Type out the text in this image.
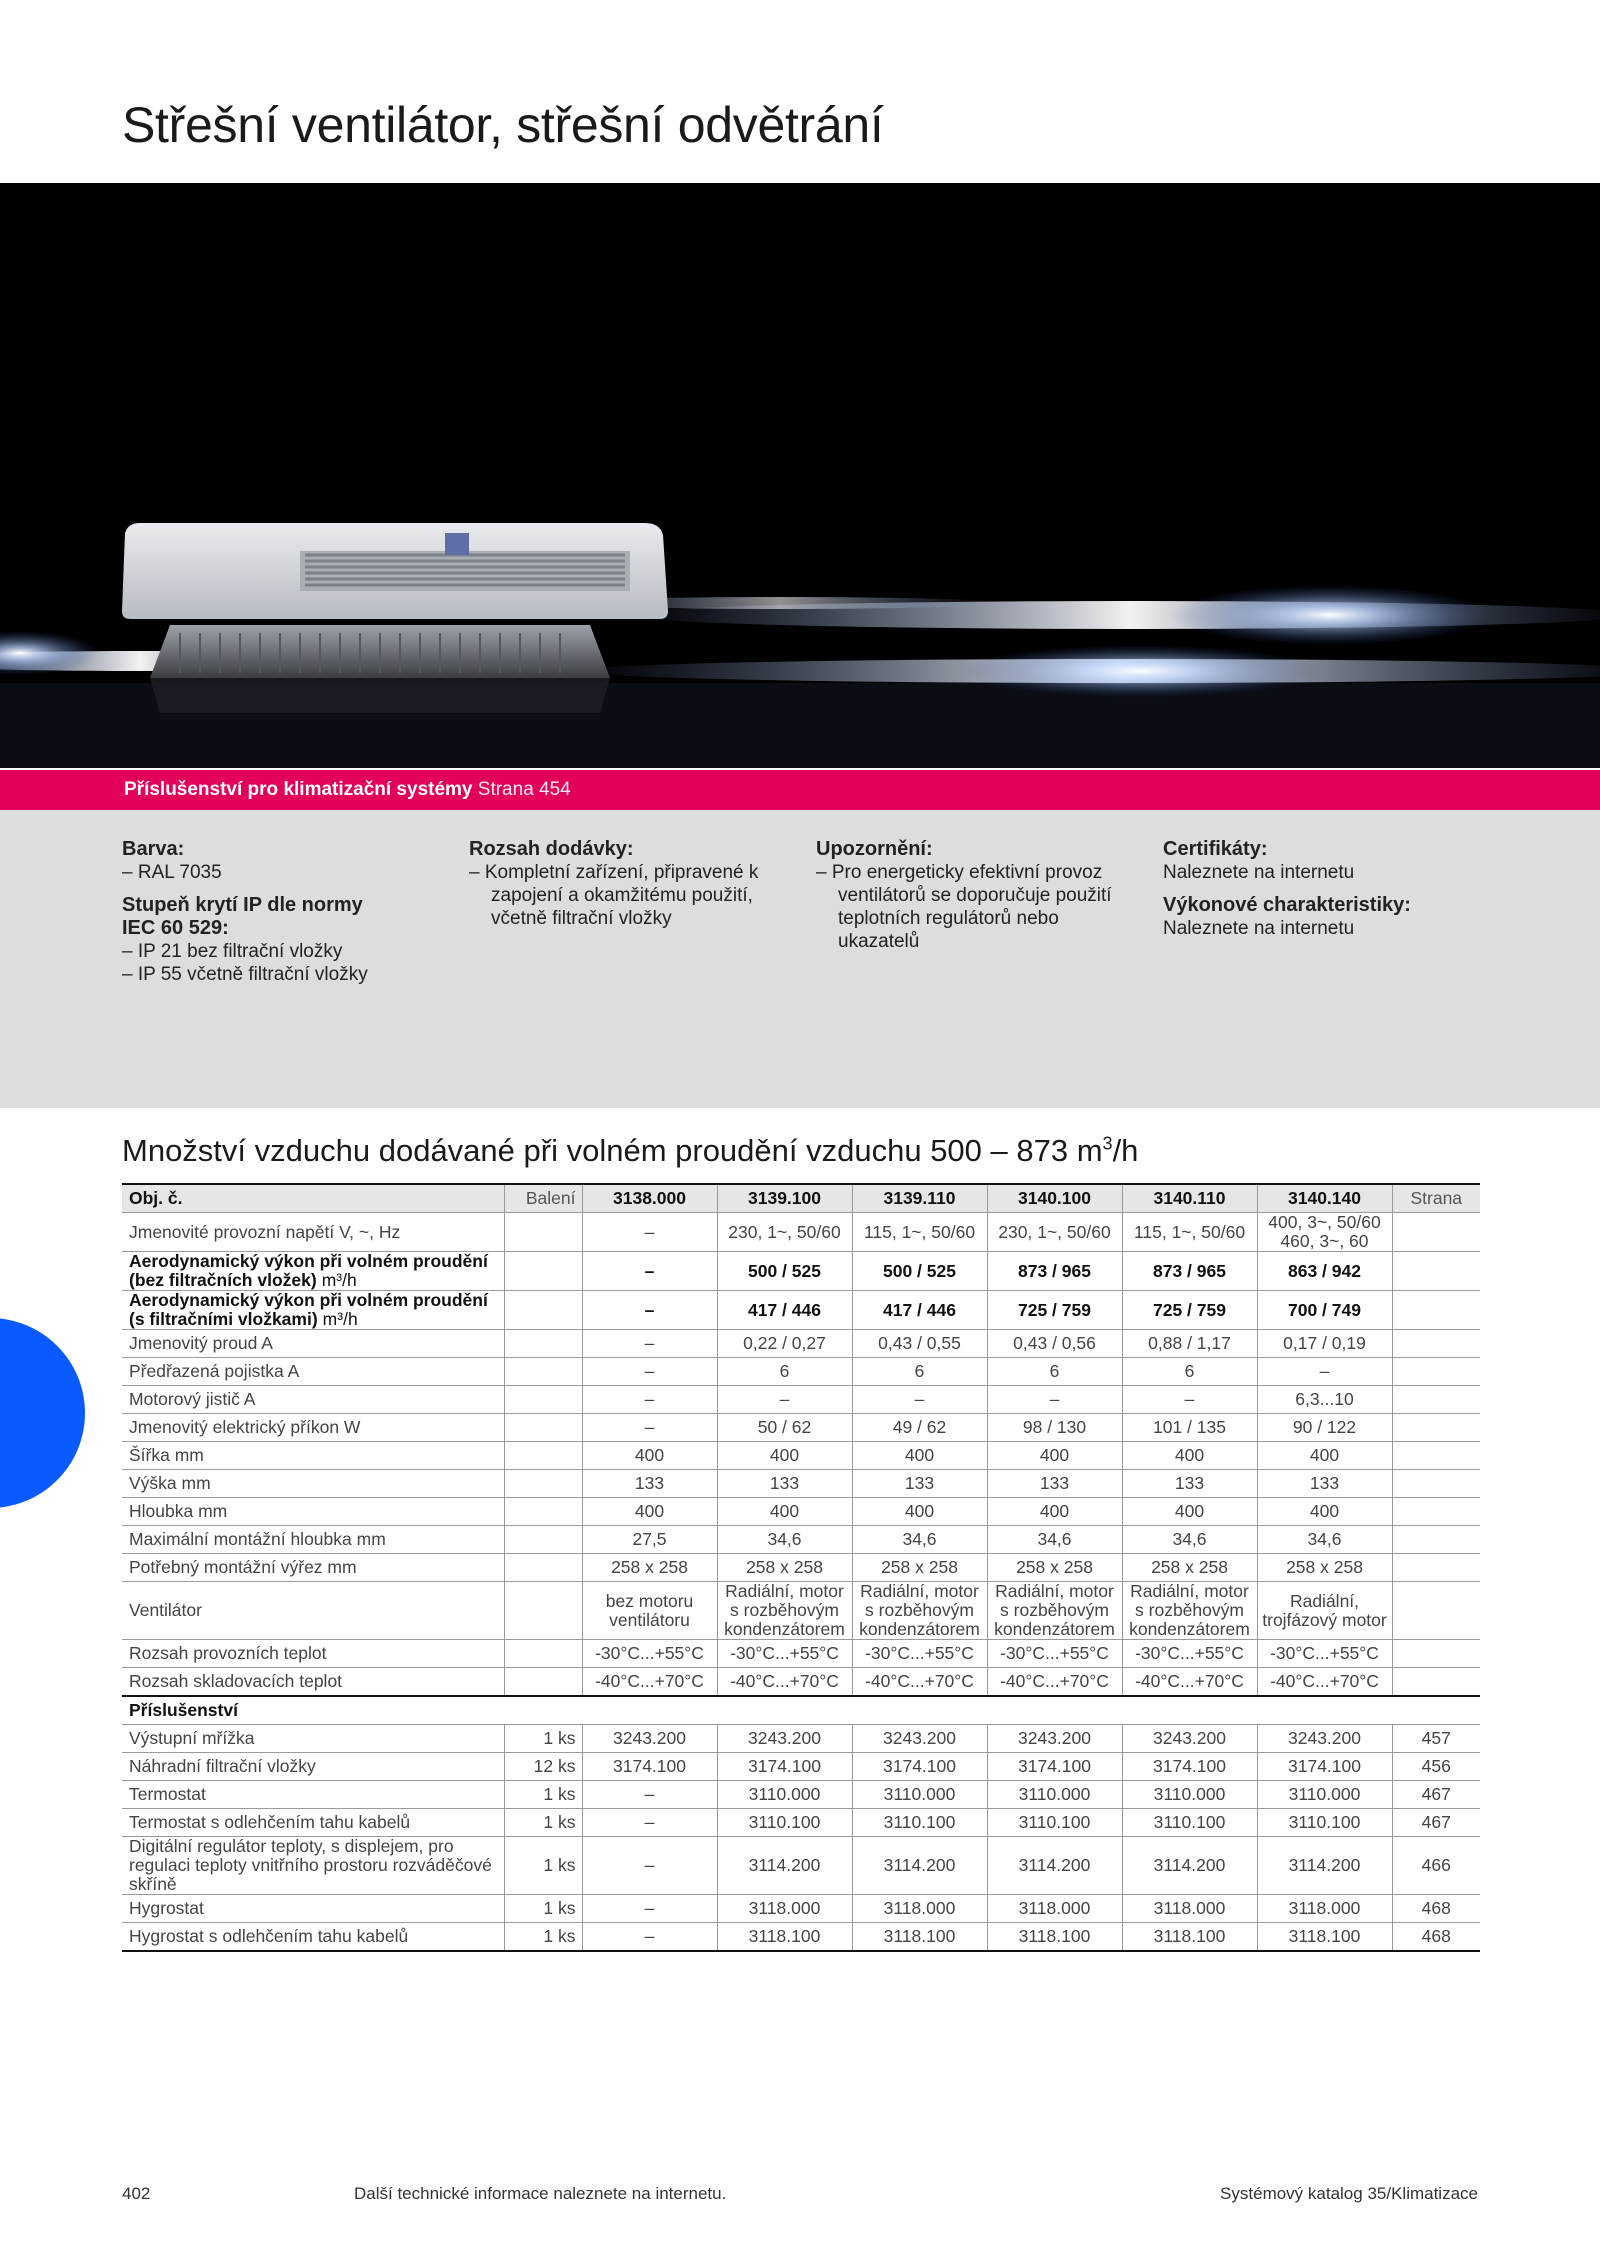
Střešní ventilátor, střešní odvětrání
Příslušenství pro klimatizační systémy Strana 454
Barva:
– RAL 7035
Stupeň krytí IP dle normy
IEC 60 529:
– IP 21 bez filtrační vložky
– IP 55 včetně filtrační vložky
Rozsah dodávky:
– Kompletní zařízení, připravené k zapojení a okamžitému použití, včetně filtrační vložky
Upozornění:
– Pro energeticky efektivní provoz ventilátorů se doporučuje použití teplotních regulátorů nebo ukazatelů
Certifikáty:
Naleznete na internetu
Výkonové charakteristiky:
Naleznete na internetu
Množství vzduchu dodávané při volném proudění vzduchu 500 – 873 $m^3/h$
Obj. č.	Balení	3138.000	3139.100	3139.110	3140.100	3140.110	3140.140	Strana
Jmenovité provozní napětí V, ~, Hz		–	230, 1~, 50/60	115, 1~, 50/60	230, 1~, 50/60	115, 1~, 50/60	400, 3~, 50/60 460, 3~, 60	
Aerodynamický výkon při volném proudění (bez filtračních vložek) m³/h		–	500 / 525	500 / 525	873 / 965	873 / 965	863 / 942	
Aerodynamický výkon při volném proudění (s filtračními vložkami) m³/h		–	417 / 446	417 / 446	725 / 759	725 / 759	700 / 749	
Jmenovitý proud A		–	0,22 / 0,27	0,43 / 0,55	0,43 / 0,56	0,88 / 1,17	0,17 / 0,19	
Předřazená pojistka A		–	6	6	6	6	–	
Motorový jistič A		–	–	–	–	–	6,3...10	
Jmenovitý elektrický příkon W		–	50 / 62	49 / 62	98 / 130	101 / 135	90 / 122	
Šířka mm		400	400	400	400	400	400	
Výška mm		133	133	133	133	133	133	
Hloubka mm		400	400	400	400	400	400	
Maximální montážní hloubka mm		27,5	34,6	34,6	34,6	34,6	34,6	
Potřebný montážní výřez mm		258 x 258	258 x 258	258 x 258	258 x 258	258 x 258	258 x 258	
Ventilátor		bez motoru ventilátoru	Radiální, motor s rozběhovým kondenzátorem	Radiální, motor s rozběhovým kondenzátorem	Radiální, motor s rozběhovým kondenzátorem	Radiální, motor s rozběhovým kondenzátorem	Radiální, trojfázový motor	
Rozsah provozních teplot		-30°C...+55°C	-30°C...+55°C	-30°C...+55°C	-30°C...+55°C	-30°C...+55°C	-30°C...+55°C	
Rozsah skladovacích teplot		-40°C...+70°C	-40°C...+70°C	-40°C...+70°C	-40°C...+70°C	-40°C...+70°C	-40°C...+70°C	
Příslušenství								
Výstupní mřížka	1 ks	3243.200	3243.200	3243.200	3243.200	3243.200	3243.200	457
Náhradní filtrační vložky	12 ks	3174.100	3174.100	3174.100	3174.100	3174.100	3174.100	456
Termostat	1 ks	–	3110.000	3110.000	3110.000	3110.000	3110.000	467
Termostat s odlehčením tahu kabelů	1 ks	–	3110.100	3110.100	3110.100	3110.100	3110.100	467
Digitální regulátor teploty, s displejem, pro regulaci teploty vnitřního prostoru rozváděčové skříně	1 ks	–	3114.200	3114.200	3114.200	3114.200	3114.200	466
Hygrostat	1 ks	–	3118.000	3118.000	3118.000	3118.000	3118.000	468
Hygrostat s odlehčením tahu kabelů	1 ks	–	3118.100	3118.100	3118.100	3118.100	3118.100	468
402	Další technické informace naleznete na internetu.	Systémový katalog 35/Klimatizace
